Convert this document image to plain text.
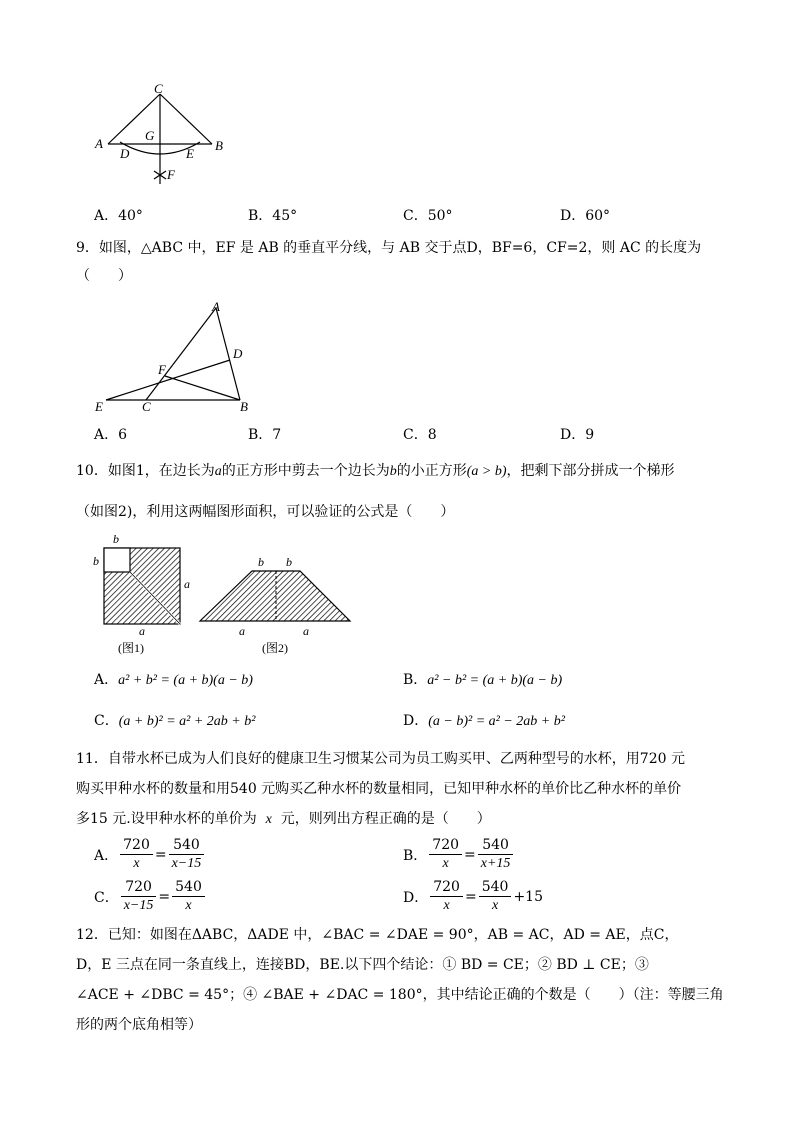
C
G
A	B
D	E
F
A．40°	B．45°	C．50°	D．60°
9．如图，△ABC 中，EF 是 AB 的垂直平分线，与 AB 交于点D，BF=6，CF=2，则 AC 的长度为
（　　）
A
D
F
E	C	B
A．6	B．7	C．8	D．9
10．如图1，在边长为a的正方形中剪去一个边长为b的小正方形(a > b)，把剩下部分拼成一个梯形
（如图2)，利用这两幅图形面积，可以验证的公式是（　　）
b
b
a
a
(图1)
b b
a	a
(图2)
A．a² + b² = (a + b)(a − b)	B．a² − b² = (a + b)(a − b)
C．(a + b)² = a² + 2ab + b²	D．(a − b)² = a² − 2ab + b²
11．自带水杯已成为人们良好的健康卫生习惯某公司为员工购买甲、乙两种型号的水杯，用720 元
购买甲种水杯的数量和用540 元购买乙种水杯的数量相同，已知甲种水杯的单价比乙种水杯的单价
多15 元.设甲种水杯的单价为 x 元，则列出方程正确的是（　　）
A． $\frac{720}{x} = \frac{540}{x-15}$	B． $\frac{720}{x} = \frac{540}{x+15}$
C． $\frac{720}{x-15} = \frac{540}{x}$	D． $\frac{720}{x} = \frac{540}{x} +15$
12．已知：如图在ΔABC，ΔADE 中，∠BAC = ∠DAE = 90°，AB = AC，AD = AE，点C，
D，E 三点在同一条直线上，连接BD，BE.以下四个结论：① BD = CE；② BD ⊥ CE；③
∠ACE + ∠DBC = 45°；④ ∠BAE + ∠DAC = 180°，其中结论正确的个数是（　　）（注：等腰三角
形的两个底角相等）
